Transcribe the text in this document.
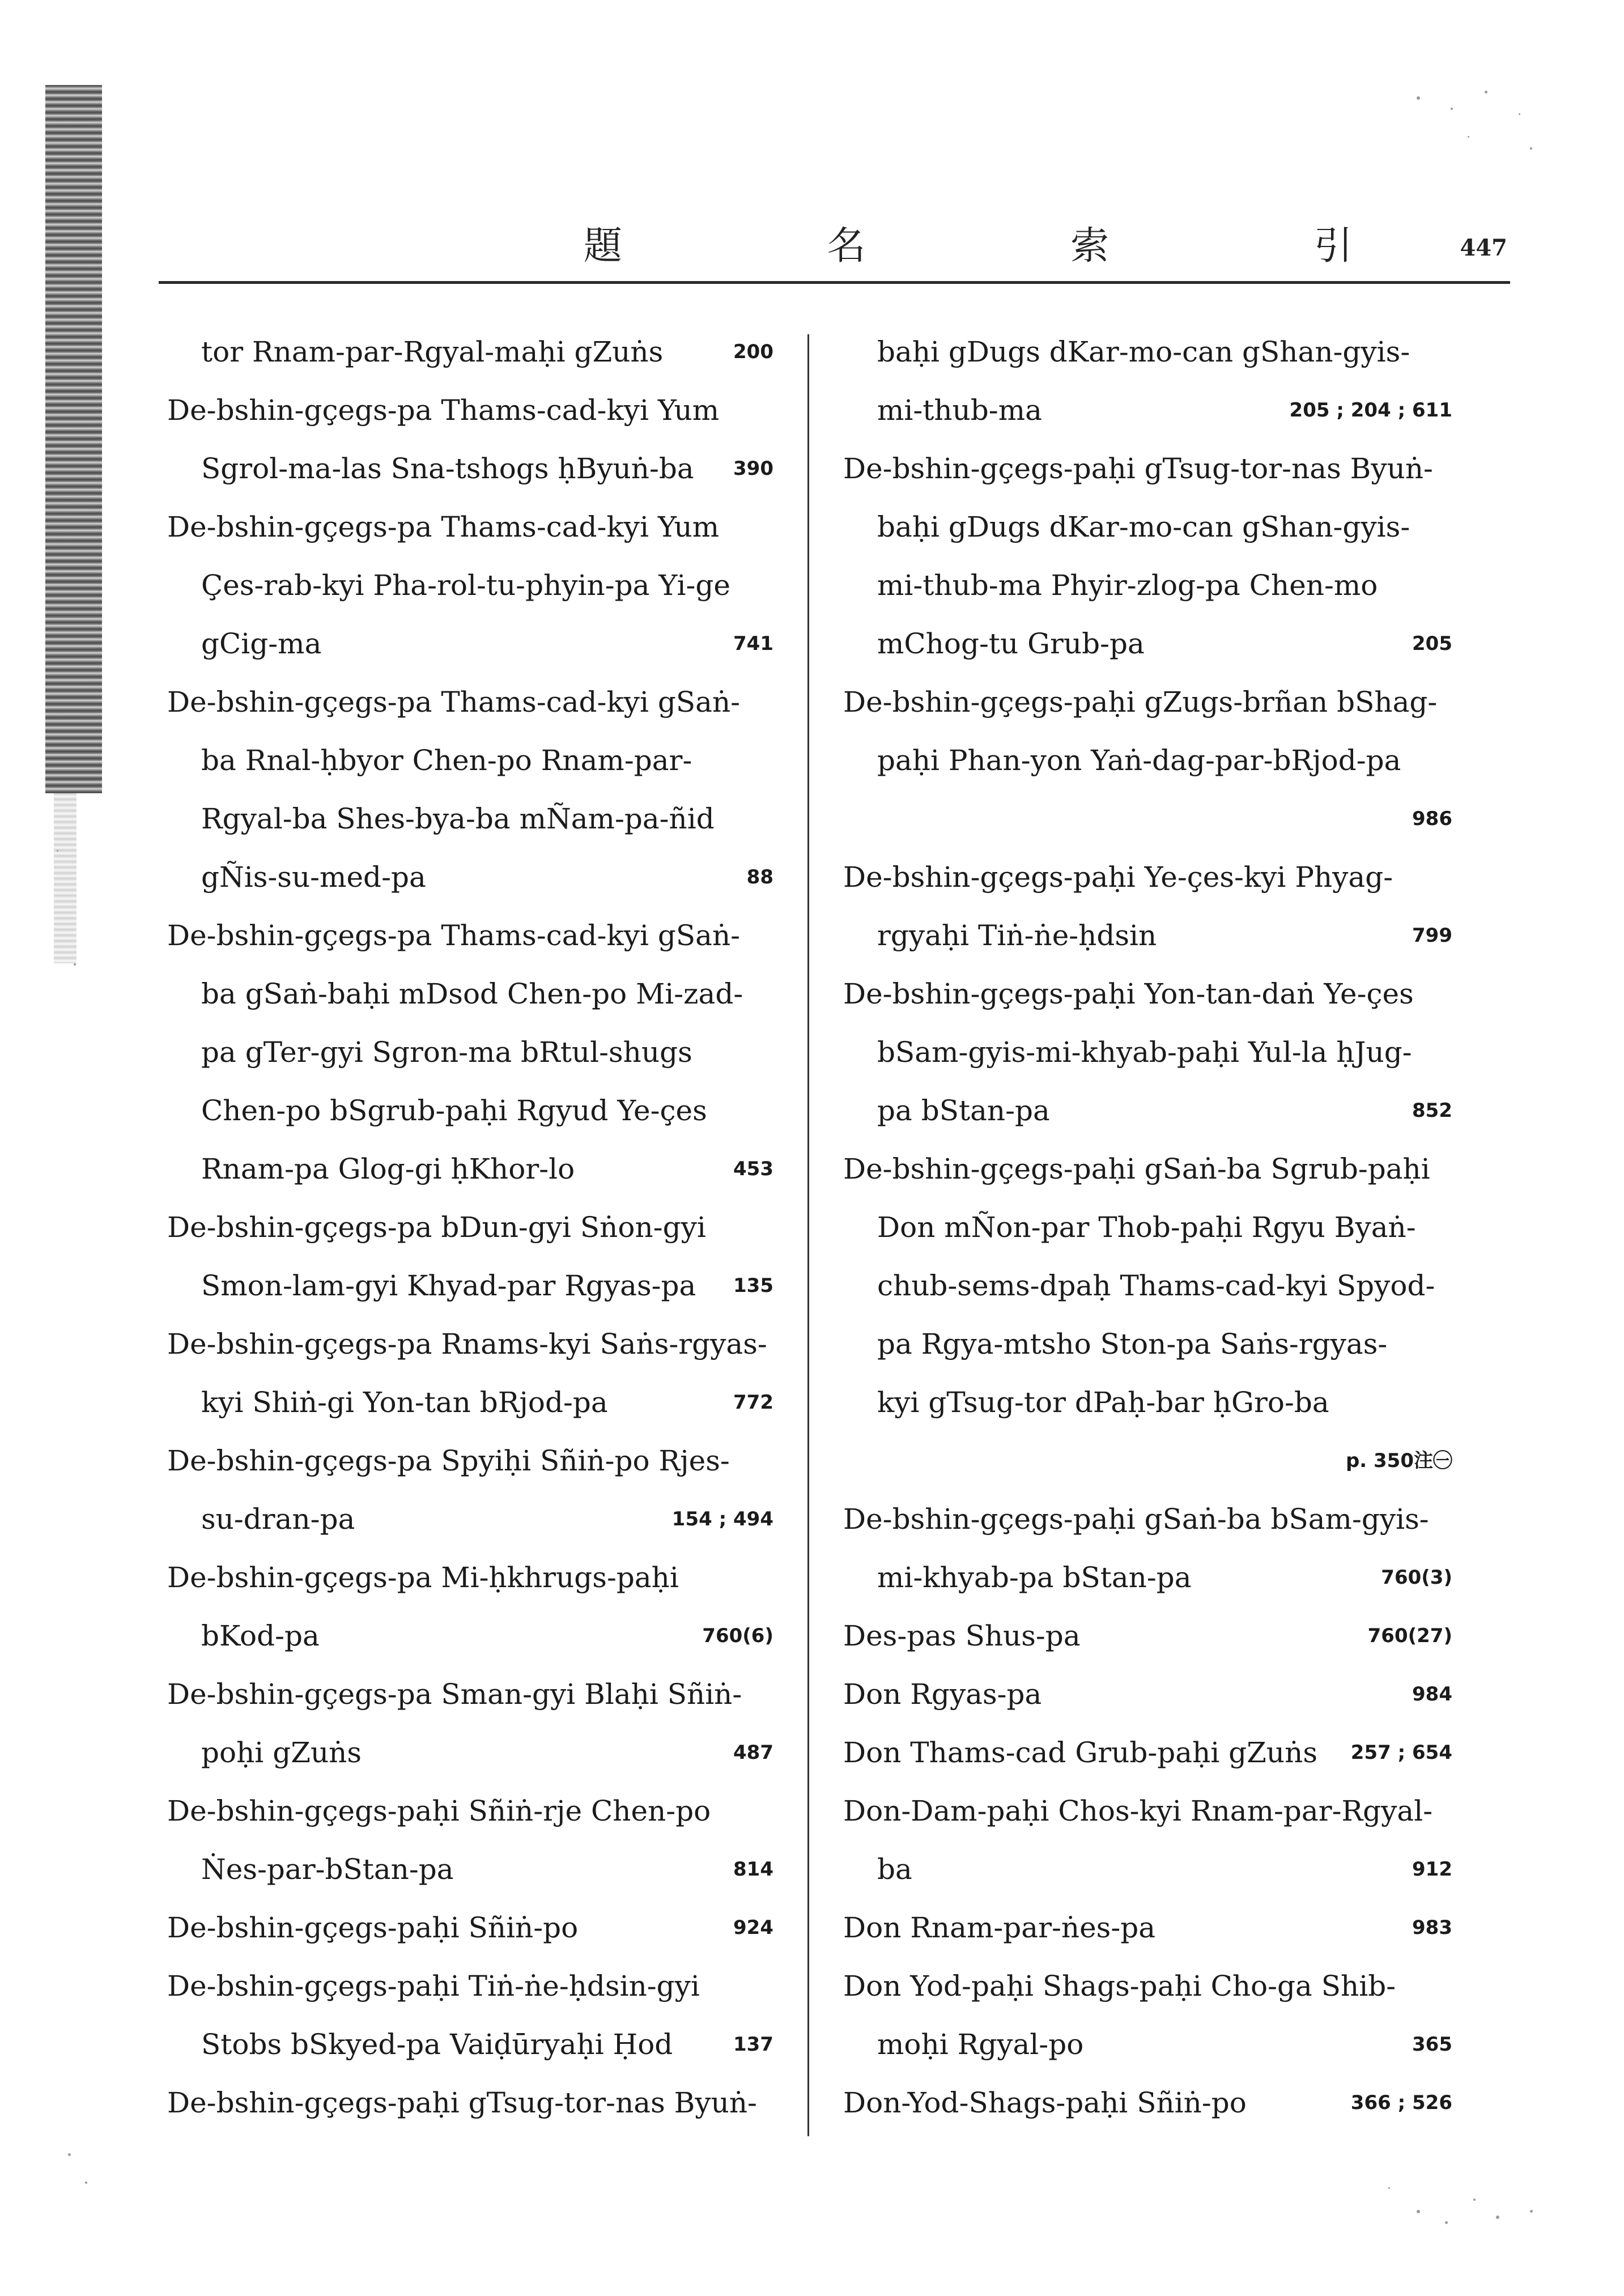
題 名 索 引 447
tor Rnam-par-Rgyal-maḥi gZuṅs	200
De-bshin-gçegs-pa Thams-cad-kyi Yum
Sgrol-ma-las Sna-tshogs ḥByuṅ-ba 390
De-bshin-gçegs-pa Thams-cad-kyi Yum
Çes-rab-kyi Pha-rol-tu-phyin-pa Yi-ge
gCig-ma	741
De-bshin-gçegs-pa Thams-cad-kyi gSaṅ-
ba Rnal-ḥbyor Chen-po Rnam-par-
Rgyal-ba Shes-bya-ba mÑam-pa-ñid
gÑis-su-med-pa	88
De-bshin-gçegs-pa Thams-cad-kyi gSaṅ-
ba gSaṅ-baḥi mDsod Chen-po Mi-zad-
pa gTer-gyi Sgron-ma bRtul-shugs
Chen-po bSgrub-paḥi Rgyud Ye-çes
Rnam-pa Glog-gi ḥKhor-lo	453
De-bshin-gçegs-pa bDun-gyi Sṅon-gyi
Smon-lam-gyi Khyad-par Rgyas-pa 135
De-bshin-gçegs-pa Rnams-kyi Saṅs-rgyas-
kyi Shiṅ-gi Yon-tan bRjod-pa	772
De-bshin-gçegs-pa Spyiḥi Sñiṅ-po Rjes-
su-dran-pa	154 ; 494
De-bshin-gçegs-pa Mi-ḥkhrugs-paḥi
bKod-pa	760(6)
De-bshin-gçegs-pa Sman-gyi Blaḥi Sñiṅ-
poḥi gZuṅs	487
De-bshin-gçegs-paḥi Sñiṅ-rje Chen-po
Ṅes-par-bStan-pa	814
De-bshin-gçegs-paḥi Sñiṅ-po	924
De-bshin-gçegs-paḥi Tiṅ-ṅe-ḥdsin-gyi
Stobs bSkyed-pa Vaiḍūryaḥi Ḥod	137
De-bshin-gçegs-paḥi gTsug-tor-nas Byuṅ-
baḥi gDugs dKar-mo-can gShan-gyis-
mi-thub-ma	205 ; 204 ; 611
De-bshin-gçegs-paḥi gTsug-tor-nas Byuṅ-
baḥi gDugs dKar-mo-can gShan-gyis-
mi-thub-ma Phyir-zlog-pa Chen-mo
mChog-tu Grub-pa	205
De-bshin-gçegs-paḥi gZugs-brñan bShag-
paḥi Phan-yon Yaṅ-dag-par-bRjod-pa
986
De-bshin-gçegs-paḥi Ye-çes-kyi Phyag-
rgyaḥi Tiṅ-ṅe-ḥdsin	799
De-bshin-gçegs-paḥi Yon-tan-daṅ Ye-çes
bSam-gyis-mi-khyab-paḥi Yul-la ḥJug-
pa bStan-pa	852
De-bshin-gçegs-paḥi gSaṅ-ba Sgrub-paḥi
Don mÑon-par Thob-paḥi Rgyu Byaṅ-
chub-sems-dpaḥ Thams-cad-kyi Spyod-
pa Rgya-mtsho Ston-pa Saṅs-rgyas-
kyi gTsug-tor dPaḥ-bar ḥGro-ba
p. 350注㊀
De-bshin-gçegs-paḥi gSaṅ-ba bSam-gyis-
mi-khyab-pa bStan-pa	760(3)
Des-pas Shus-pa	760(27)
Don Rgyas-pa	984
Don Thams-cad Grub-paḥi gZuṅs 257 ; 654
Don-Dam-paḥi Chos-kyi Rnam-par-Rgyal-
ba	912
Don Rnam-par-ṅes-pa	983
Don Yod-paḥi Shags-paḥi Cho-ga Shib-
moḥi Rgyal-po	365
Don-Yod-Shags-paḥi Sñiṅ-po	366 ; 526
